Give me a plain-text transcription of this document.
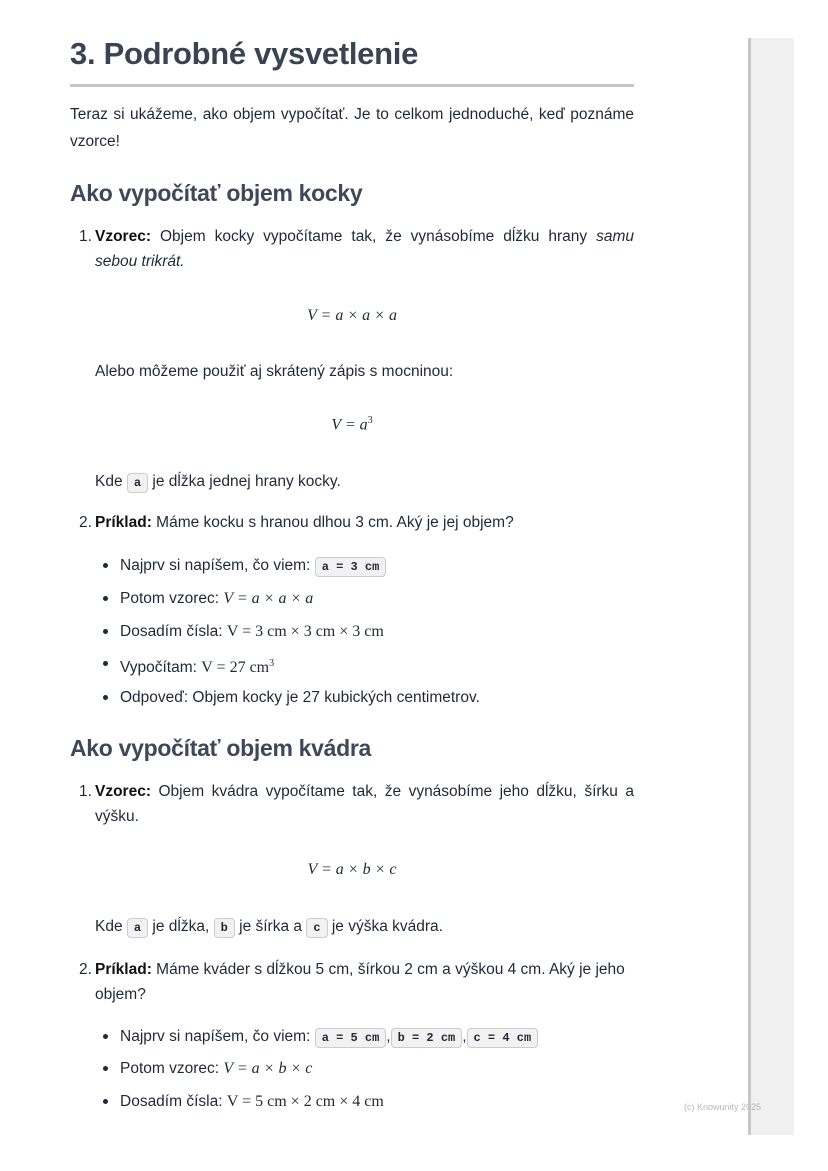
3. Podrobné vysvetlenie
Teraz si ukážeme, ako objem vypočítať. Je to celkom jednoduché, keď poznáme vzorce!
Ako vypočítať objem kocky
1. Vzorec: Objem kocky vypočítame tak, že vynásobíme dĺžku hrany samu sebou trikrát.
V = a × a × a
Alebo môžeme použiť aj skrátený zápis s mocninou:
$V = a^3$
Kde a je dĺžka jednej hrany kocky.
2. Príklad: Máme kocku s hranou dlhou 3 cm. Aký je jej objem?
Najprv si napíšem, čo viem: a = 3 cm
Potom vzorec: V = a × a × a
Dosadím čísla: V = 3 cm × 3 cm × 3 cm
Vypočítam: V = 27 $cm^3$
Odpoveď: Objem kocky je 27 kubických centimetrov.
Ako vypočítať objem kvádra
1. Vzorec: Objem kvádra vypočítame tak, že vynásobíme jeho dĺžku, šírku a výšku.
V = a × b × c
Kde a je dĺžka, b je šírka a c je výška kvádra.
2. Príklad: Máme kváder s dĺžkou 5 cm, šírkou 2 cm a výškou 4 cm. Aký je jeho objem?
Najprv si napíšem, čo viem: a = 5 cm , b = 2 cm , c = 4 cm
Potom vzorec: V = a × b × c
Dosadím čísla: V = 5 cm × 2 cm × 4 cm	(c) Knowunity 2025
